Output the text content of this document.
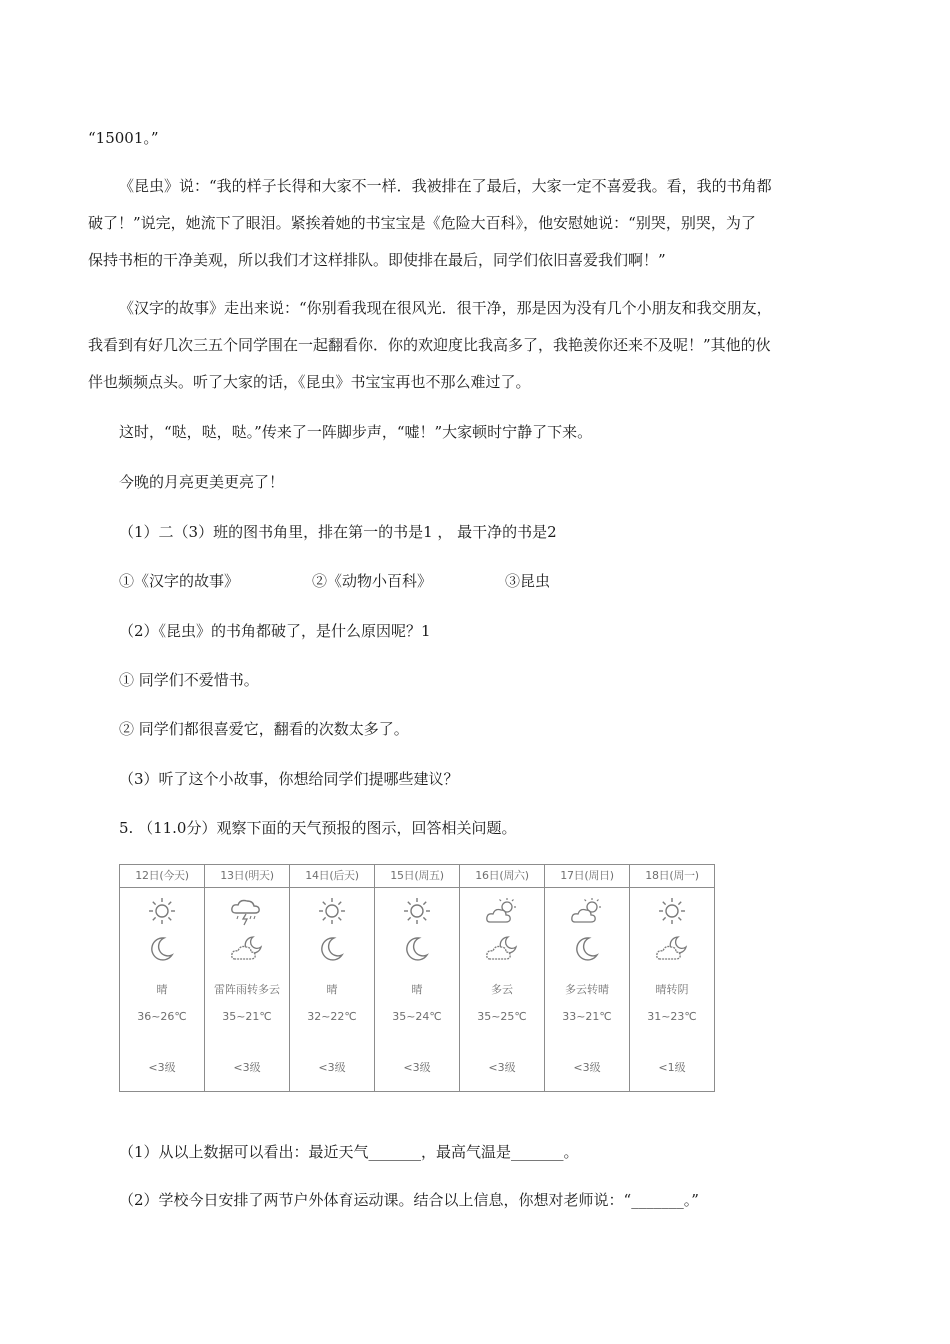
“15001。”
《昆虫》说：“我的样子长得和大家不一样．我被排在了最后，大家一定不喜爱我。看，我的书角都
破了！”说完，她流下了眼泪。紧挨着她的书宝宝是《危险大百科》，他安慰她说：“别哭，别哭，为了
保持书柜的干净美观，所以我们才这样排队。即使排在最后，同学们依旧喜爱我们啊！”
《汉字的故事》走出来说：“你别看我现在很风光．很干净，那是因为没有几个小朋友和我交朋友，
我看到有好几次三五个同学围在一起翻看你．你的欢迎度比我高多了，我艳羡你还来不及呢！”其他的伙
伴也频频点头。听了大家的话，《昆虫》书宝宝再也不那么难过了。
这时，“哒，哒，哒。”传来了一阵脚步声，“嘘！”大家顿时宁静了下来。
今晚的月亮更美更亮了！
（1）二（3）班的图书角里，排在第一的书是1 ， 最干净的书是2
①《汉字的故事》	②《动物小百科》	③昆虫
（2）《昆虫》的书角都破了，是什么原因呢？1
① 同学们不爱惜书。
② 同学们都很喜爱它，翻看的次数太多了。
（3）听了这个小故事，你想给同学们提哪些建议？
5. （11.0分）观察下面的天气预报的图示，回答相关问题。
12日(今天)
晴
36~26℃
<3级
13日(明天)
雷阵雨转多云
35~21℃
<3级
14日(后天)
晴
32~22℃
<3级
15日(周五)
晴
35~24℃
<3级
16日(周六)
多云
35~25℃
<3级
17日(周日)
多云转晴
33~21℃
<3级
18日(周一)
晴转阴
31~23℃
<1级
（1）从以上数据可以看出：最近天气_______，最高气温是_______。
（2）学校今日安排了两节户外体育运动课。结合以上信息，你想对老师说：“_______。”
